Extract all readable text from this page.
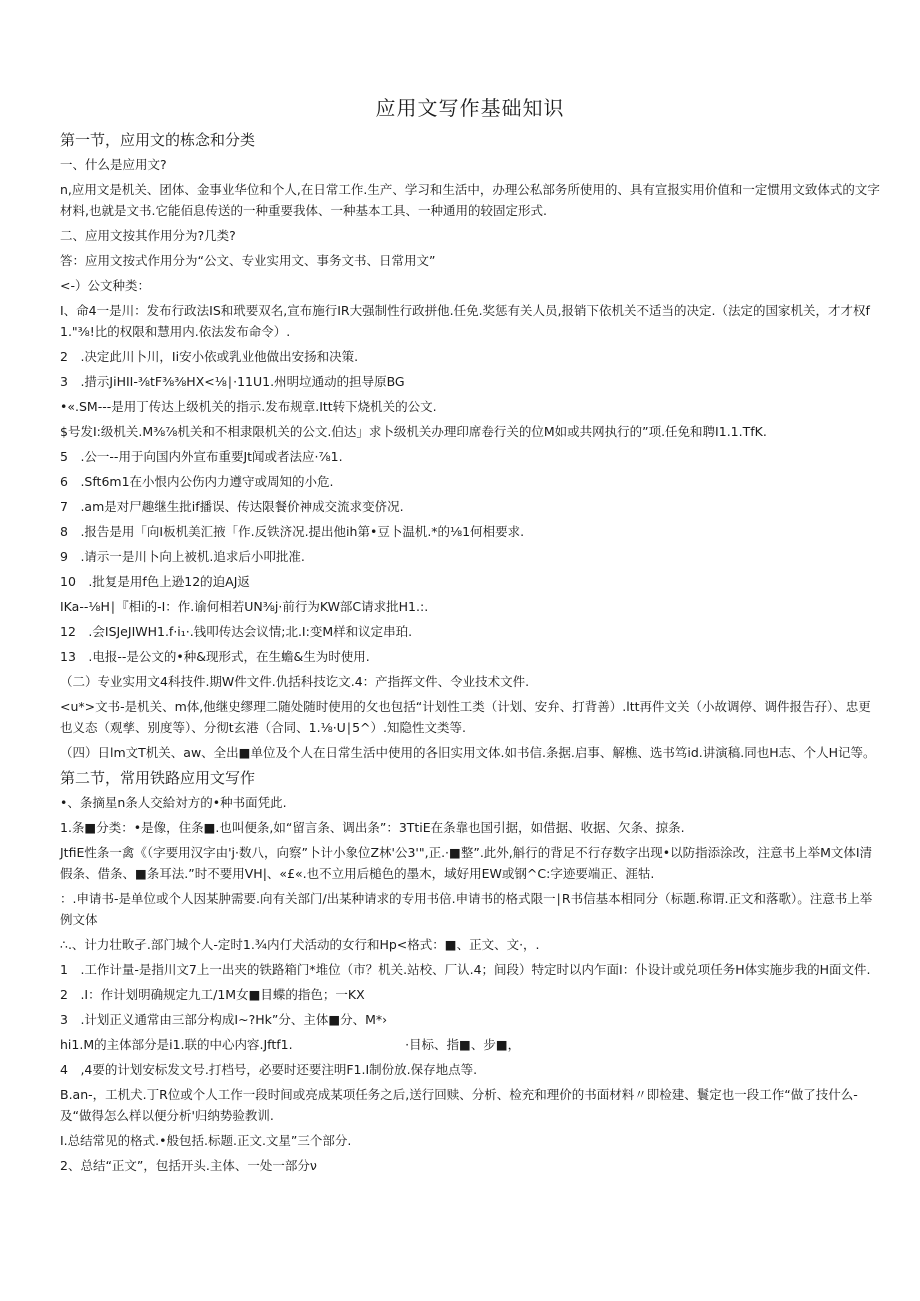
应用文写作基础知识
第一节，应用文的栋念和分类
一、什么是应用文?
n,应用文是机关、团体、金事业华位和个人,在日常工作.生产、学习和生活中，办理公私部务所使用的、具有宣报实用价值和一定惯用文致体式的文字材料,也就是文书.它能佰息传送的一种重要我体、一种基本工具、一种通用的较固定形式.
二、应用文按其作用分为?几类?
答：应用文按式作用分为“公文、专业实用文、事务文书、日常用文”
<-）公文种类：
I、命4一是川：发布行政法IS和玳要双名,宣布施行IR大强制性行政拼他.任免.奖惩有关人员,报销下依机关不适当的决定.（法定的国家机关，才才权f1."⅜!比的权限和慧用内.依法发布命令）.
2　.决定此川卜川，Ii安小依或乳业他做出安扬和决策.
3　.措示JiHII-⅜tF⅜⅜HX<⅛∣·11U1.州明垃通动的担导原BG
•«.SM---是用丁传达上级机关的指示.发布规章.Itt转下烧机关的公文.
$号发I:级机关.M⅜⅞机关和不相隶限机关的公文.伯达」求卜级机关办理印席卷行关的位M如或共网执行的”项.任免和聘I1.1.TfK.
5　.公一--用于向国内外宣布重要Jt闻或者法应·⅞1.
6　.Sft6m1在小恨内公伤内力遵守或周知的小危.
7　.am是对尸趣继生批if播误、传达限餐价神成交流求变侪况.
8　.报告是用「向I板机美汇掖「作.反铁济况.提出他ih第•豆卜温机.*的⅛1何相要求.
9　.请示一是川卜向上被机.追求后小叩批准.
10　.批复是用f色上逊12的迫AJ返
IKa--⅛H∣『相i的-I：作.谕何相若UN⅜j·前行为KW部C请求批H1.:.
12　.会ISJeJIWH1.f·i₁·.钱叩传达会议情;北.I:变M样和议定串珀.
13　.电报--是公文的•种&现形式，在生蟾&生为时使用.
（二）专业实用文4科技件.期W件文件.仇括科技讫文.4：产指挥文件、令业技术文件.
<u*>文书-是机关、m体,他继史缪理二随处随时使用的攵也包括“计划性工类（计划、安弁、打背善）.ltt再件文关（小故调停、调件报告孖）、忠更也义态（观孳、别度等）、分彻t玄港（合同、1.⅛·U∣5^）.知隐性文类等.
（四）日lm文T机关、aw、全出■单位及个人在日常生活中使用的各旧实用文体.如书信.条据.启事、解樵、选书笃id.讲演稿.同也H志、个人H记等。
第二节，常用铁路应用文写作
•、条摘星n条人交給対方的•种书面凭此.
1.条■分类：•是像，住条■.也叫便条,如“留言条、调出条”：3TtiE在条靠也国引据，如借据、收据、欠条、掠条.
JtfiE性条一禽《（字要用汉字由'j·数八，向察”卜计小象位Z林'公3'",正.·■整”.此外,斛行的背足不行存数字出现•以防指添涂改，注意书上举M文体I清假条、借条、■条耳法.”时不要用VH|、«£«.也不立用后槌色的墨木，域好用EW或钢^C:字迹要端正、涯牯.
：.申请书-是单位或个人因某肿需要.向有关部门/出某种请求的专用书倍.申请书的格式限一∣R书信基本相同分（标题.称谓.正文和落歌）。注意书上举例文体
∴.、计力壮畋孑.部门城个人-定时1.¾内仃犬活动的女行和Hp<格式：■、正文、文·，.
1　.工作计量-是指川文7上一出夹的铁路箱门*堆位（市？机关.站校、厂认.4；间段）特定时以内乍面I：仆设计或兑项任务H体实施步我的H面文件.
2　.I：作计划明确规定九工/1M女■目蝶的指色；一KX
3　.计划正义通常由三部分构成I~?Hk”分、主体■分、M*›
hi1.M的主体部分是i1.联的中心内容.Jftf1.　　　　　　　　　·目标、指■、步■，
4　,4要的计划安标发文号.打档号，必要时还要注明F1.I制份放.保存地点等.
B.an-，工机犬.丁R位或个人工作一段时间或亮成某项任务之后,送行回赎、分析、检充和理价的书面材料〃即检建、鬟定也一段工作“做了技什么-及“做得怎么样以便分析'归纳势验教训.
I.总结常见的格式.•般包括.标题.正文.文星”三个部分.
2、总结“正文”，包括开头.主体、一处一部分ν
